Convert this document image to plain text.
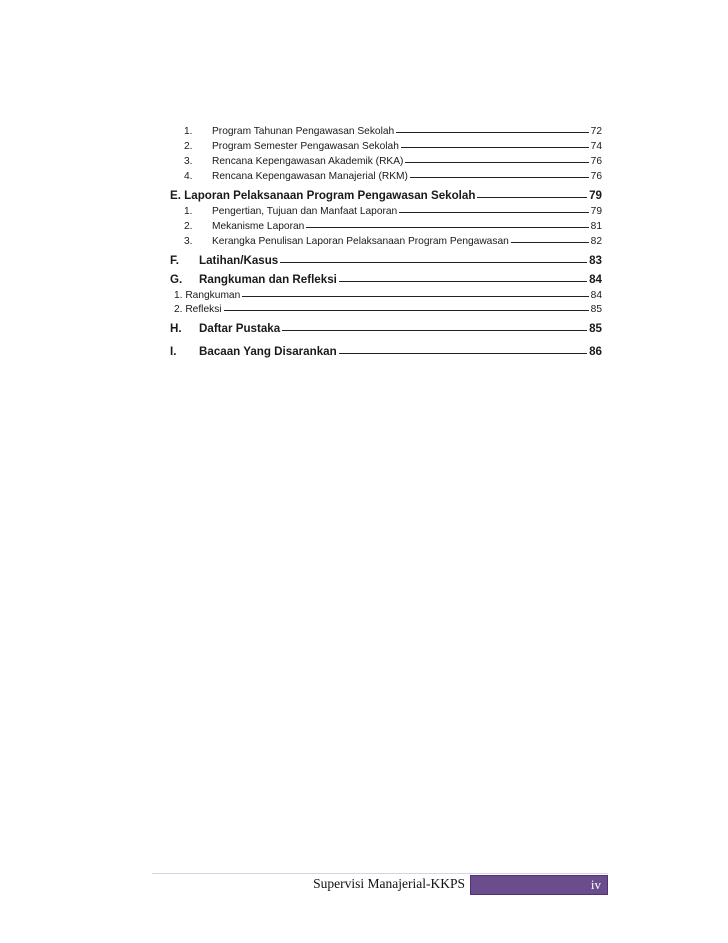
1.	Program Tahunan Pengawasan Sekolah	72
2.	Program Semester Pengawasan Sekolah	74
3.	Rencana Kepengawasan Akademik (RKA)	76
4.	Rencana Kepengawasan Manajerial (RKM)	76
E. Laporan Pelaksanaan Program Pengawasan Sekolah	79
1.	Pengertian, Tujuan dan Manfaat Laporan	79
2.	Mekanisme Laporan	81
3.	Kerangka Penulisan Laporan Pelaksanaan Program Pengawasan	82
F.	Latihan/Kasus	83
G.	Rangkuman dan Refleksi	84
1. Rangkuman	84
2. Refleksi	85
H.	Daftar Pustaka	85
I.	Bacaan Yang Disarankan	86
Supervisi Manajerial-KKPS	iv
